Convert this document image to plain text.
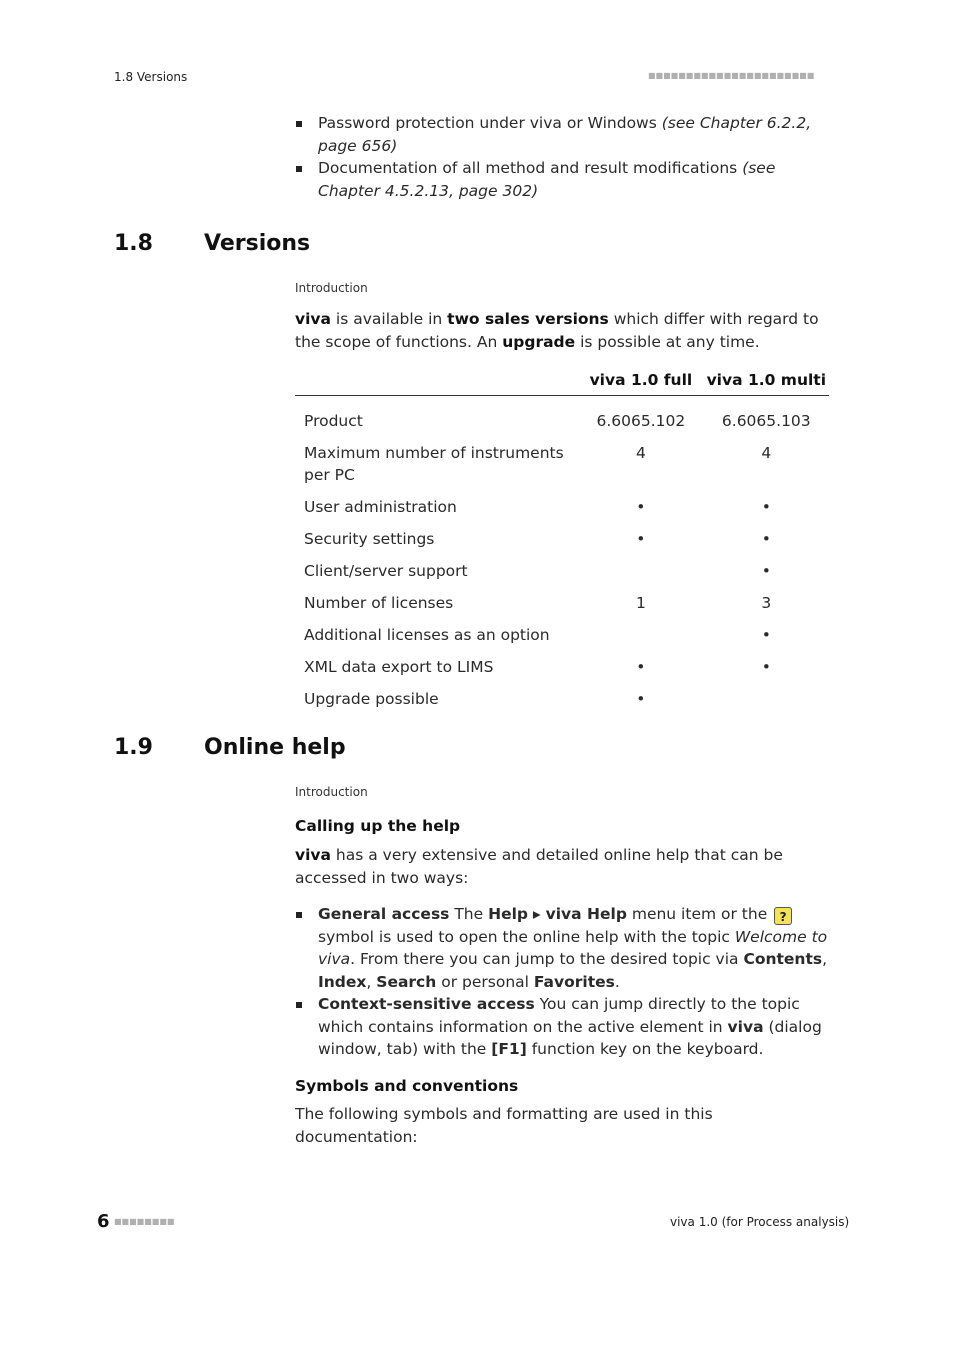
1.8 Versions	■■■■■■■■■■■■■■■■■■■■■■
Password protection under viva or Windows (see Chapter 6.2.2, page 656)
Documentation of all method and result modifications (see Chapter 4.5.2.13, page 302)
1.8 Versions
Introduction
viva is available in two sales versions which differ with regard to the scope of functions. An upgrade is possible at any time.
	viva 1.0 full	viva 1.0 multi

Product	6.6065.102	6.6065.103
Maximum number of instruments per PC	4	4
User administration	•	•
Security settings	•	•
Client/server support		•
Number of licenses	1	3
Additional licenses as an option		•
XML data export to LIMS	•	•
Upgrade possible	•	
1.9 Online help
Introduction
Calling up the help
viva has a very extensive and detailed online help that can be accessed in two ways:
General access The Help ▸ viva Help menu item or the ? symbol is used to open the online help with the topic Welcome to viva. From there you can jump to the desired topic via Contents, Index, Search or personal Favorites.
Context-sensitive access You can jump directly to the topic which contains information on the active element in viva (dialog window, tab) with the [F1] function key on the keyboard.
Symbols and conventions
The following symbols and formatting are used in this documentation:
6 ■■■■■■■■	viva 1.0 (for Process analysis)
